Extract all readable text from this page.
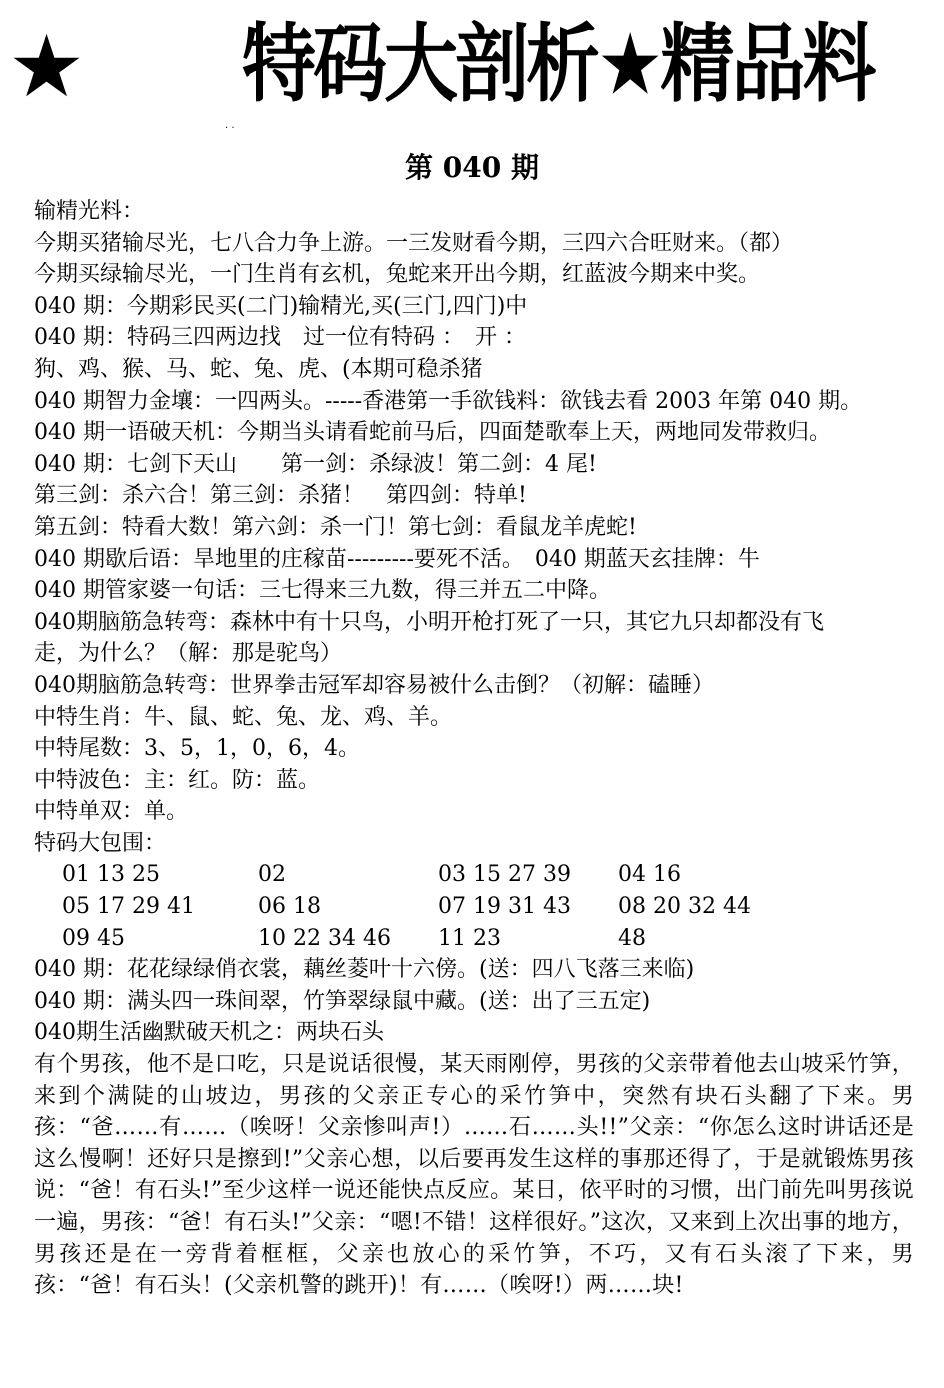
★ 特码大剖析★精品料
. .
第 040 期
输精光料：
今期买猪输尽光，七八合力争上游。一三发财看今期，三四六合旺财来。（都）
今期买绿输尽光，一门生肖有玄机，兔蛇来开出今期，红蓝波今期来中奖。
040 期：今期彩民买(二门)输精光,买(三门,四门)中
040 期：特码三四两边找　过一位有特码 ：　开 ：
狗、鸡、猴、马、蛇、兔、虎、(本期可稳杀猪
040 期智力金壤：一四两头。-----香港第一手欲钱料：欲钱去看 2003 年第 040 期。
040 期一语破天机：今期当头请看蛇前马后，四面楚歌奉上天，两地同发带救归。
040 期：七剑下天山　　第一剑：杀绿波！第二剑：4 尾!
第三剑：杀六合！第三剑：杀猪！　第四剑：特单!
第五剑：特看大数！第六剑：杀一门！第七剑：看鼠龙羊虎蛇!
040 期歇后语：旱地里的庄稼苗---------要死不活。　040 期蓝天玄挂牌：牛
040 期管家婆一句话：三七得来三九数，得三并五二中降。
040期脑筋急转弯：森林中有十只鸟，小明开枪打死了一只，其它九只却都没有飞
走，为什么？（解：那是驼鸟）
040期脑筋急转弯：世界拳击冠军却容易被什么击倒？（初解：磕睡）
中特生肖：牛、鼠、蛇、兔、龙、鸡、羊。
中特尾数：3、5，1，0，6，4。
中特波色：主：红。防：蓝。
中特单双：单。
特码大包围：
01 13 25	02	03 15 27 39	04 16
05 17 29 41	06 18	07 19 31 43	08 20 32 44
09 45	10 22 34 46	11 23	48
040 期：花花绿绿俏衣裳，藕丝菱叶十六傍。(送：四八飞落三来临)
040 期：满头四一珠间翠，竹笋翠绿鼠中藏。(送：出了三五定)
040期生活幽默破天机之：两块石头
有个男孩，他不是口吃，只是说话很慢，某天雨刚停，男孩的父亲带着他去山坡采竹笋，来到个满陡的山坡边，男孩的父亲正专心的采竹笋中，突然有块石头翻了下来。男孩：“爸……有……（唉呀！父亲惨叫声!）……石……头!!”父亲：“你怎么这时讲话还是这么慢啊！还好只是擦到!”父亲心想，以后要再发生这样的事那还得了，于是就锻炼男孩说：“爸！有石头!”至少这样一说还能快点反应。某日，依平时的习惯，出门前先叫男孩说一遍，男孩：“爸！有石头!”父亲：“嗯!不错！这样很好。”这次，又来到上次出事的地方，男孩还是在一旁背着框框，父亲也放心的采竹笋，不巧，又有石头滚了下来，男孩：“爸！有石头！(父亲机警的跳开)！有……（唉呀!）两……块!
